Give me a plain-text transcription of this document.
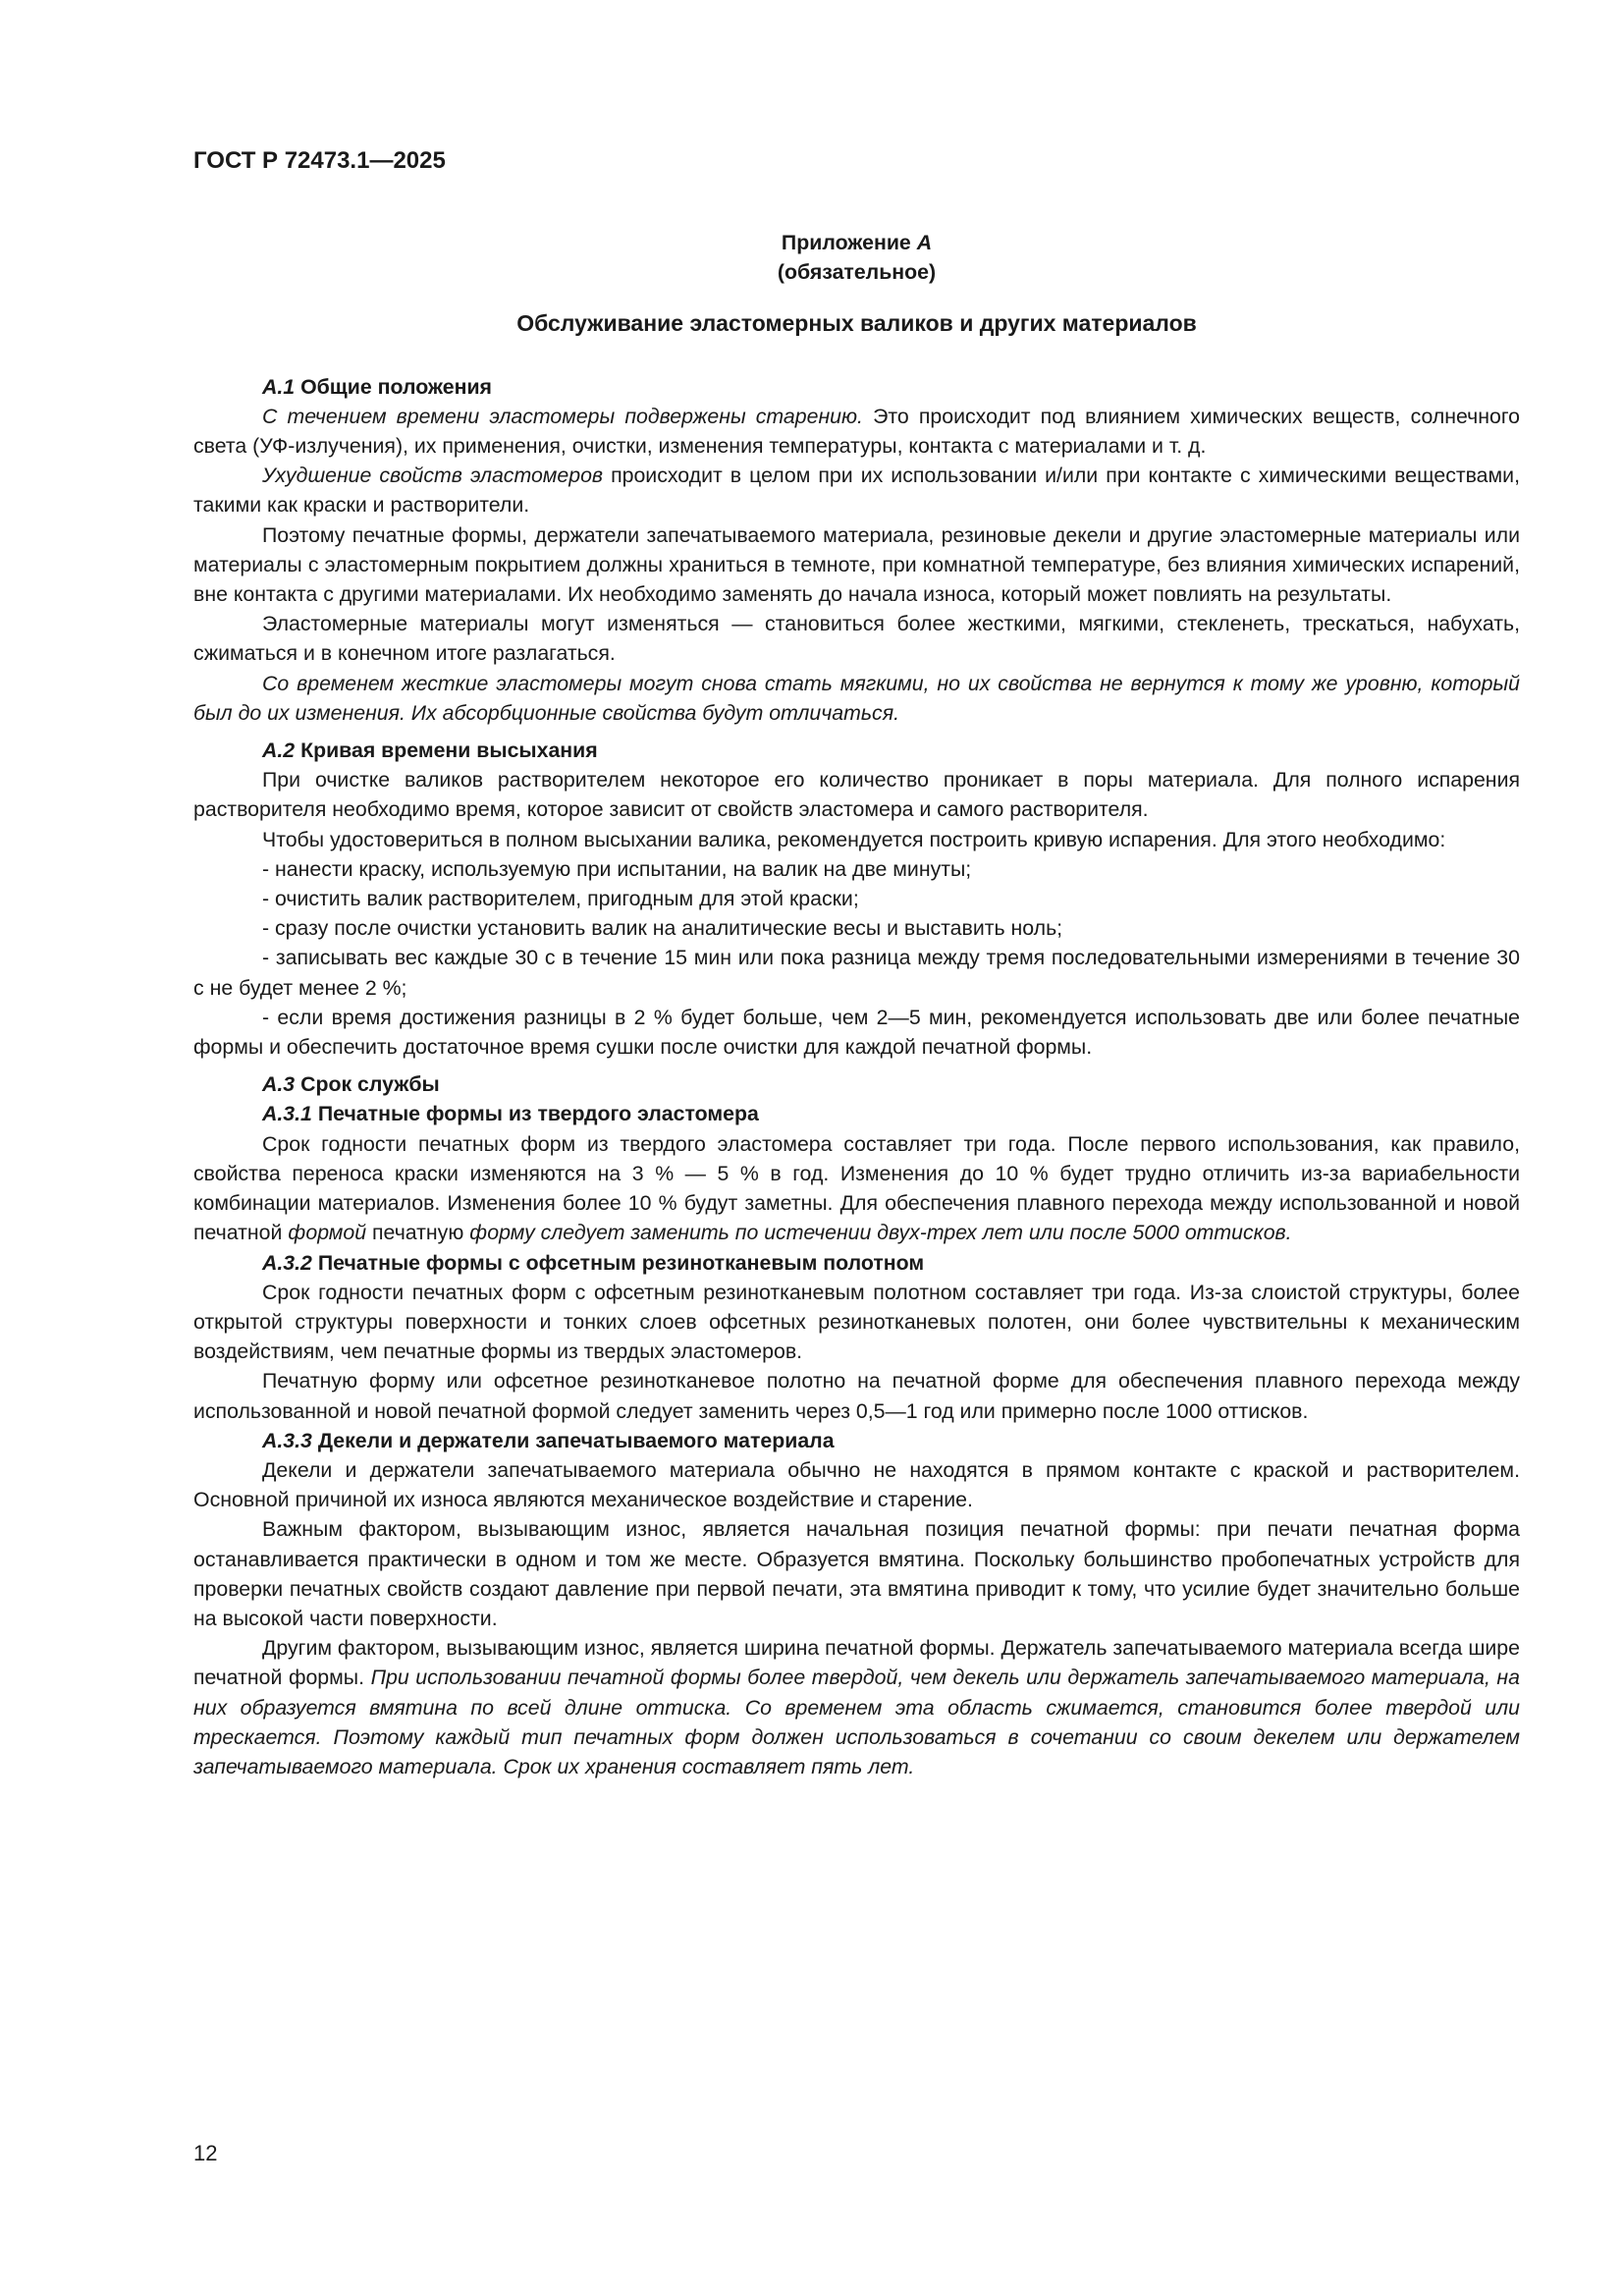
ГОСТ Р 72473.1—2025

Приложение А

(обязательное)

Обслуживание эластомерных валиков и других материалов

А.1 Общие положения

С течением времени эластомеры подвержены старению. Это происходит под влиянием химических веществ, солнечного света (УФ-излучения), их применения, очистки, изменения температуры, контакта с материалами и т. д.

Ухудшение свойств эластомеров происходит в целом при их использовании и/или при контакте с химическими веществами, такими как краски и растворители.

Поэтому печатные формы, держатели запечатываемого материала, резиновые декели и другие эластомерные материалы или материалы с эластомерным покрытием должны храниться в темноте, при комнатной температуре, без влияния химических испарений, вне контакта с другими материалами. Их необходимо заменять до начала износа, который может повлиять на результаты.

Эластомерные материалы могут изменяться — становиться более жесткими, мягкими, стекленеть, трескаться, набухать, сжиматься и в конечном итоге разлагаться.

Со временем жесткие эластомеры могут снова стать мягкими, но их свойства не вернутся к тому же уровню, который был до их изменения. Их абсорбционные свойства будут отличаться.

А.2 Кривая времени высыхания

При очистке валиков растворителем некоторое его количество проникает в поры материала. Для полного испарения растворителя необходимо время, которое зависит от свойств эластомера и самого растворителя.

Чтобы удостовериться в полном высыхании валика, рекомендуется построить кривую испарения. Для этого необходимо:

- нанести краску, используемую при испытании, на валик на две минуты;

- очистить валик растворителем, пригодным для этой краски;

- сразу после очистки установить валик на аналитические весы и выставить ноль;

- записывать вес каждые 30 с в течение 15 мин или пока разница между тремя последовательными измерениями в течение 30 с не будет менее 2 %;

- если время достижения разницы в 2 % будет больше, чем 2—5 мин, рекомендуется использовать две или более печатные формы и обеспечить достаточное время сушки после очистки для каждой печатной формы.

А.3 Срок службы

А.3.1 Печатные формы из твердого эластомера

Срок годности печатных форм из твердого эластомера составляет три года. После первого использования, как правило, свойства переноса краски изменяются на 3 % — 5 % в год. Изменения до 10 % будет трудно отличить из-за вариабельности комбинации материалов. Изменения более 10 % будут заметны. Для обеспечения плавного перехода между использованной и новой печатной формой печатную форму следует заменить по истечении двух-трех лет или после 5000 оттисков.

А.3.2 Печатные формы с офсетным резинотканевым полотном

Срок годности печатных форм с офсетным резинотканевым полотном составляет три года. Из-за слоистой структуры, более открытой структуры поверхности и тонких слоев офсетных резинотканевых полотен, они более чувствительны к механическим воздействиям, чем печатные формы из твердых эластомеров.

Печатную форму или офсетное резинотканевое полотно на печатной форме для обеспечения плавного перехода между использованной и новой печатной формой следует заменить через 0,5—1 год или примерно после 1000 оттисков.

А.3.3 Декели и держатели запечатываемого материала

Декели и держатели запечатываемого материала обычно не находятся в прямом контакте с краской и растворителем. Основной причиной их износа являются механическое воздействие и старение.

Важным фактором, вызывающим износ, является начальная позиция печатной формы: при печати печатная форма останавливается практически в одном и том же месте. Образуется вмятина. Поскольку большинство пробопечатных устройств для проверки печатных свойств создают давление при первой печати, эта вмятина приводит к тому, что усилие будет значительно больше на высокой части поверхности.

Другим фактором, вызывающим износ, является ширина печатной формы. Держатель запечатываемого материала всегда шире печатной формы. При использовании печатной формы более твердой, чем декель или держатель запечатываемого материала, на них образуется вмятина по всей длине оттиска. Со временем эта область сжимается, становится более твердой или трескается. Поэтому каждый тип печатных форм должен использоваться в сочетании со своим декелем или держателем запечатываемого материала. Срок их хранения составляет пять лет.

12
